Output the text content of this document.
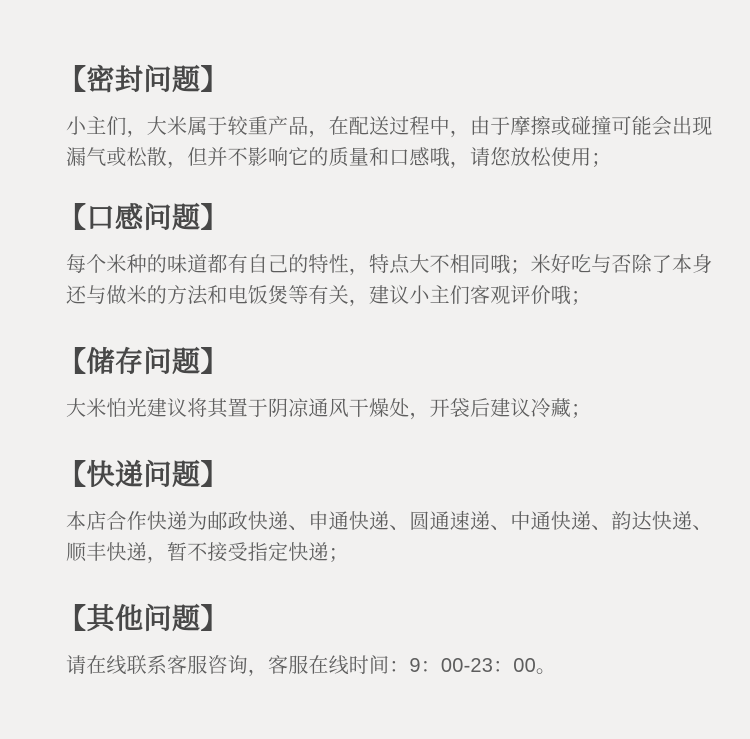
【密封问题】
小主们，大米属于较重产品，在配送过程中，由于摩擦或碰撞可能会出现
漏气或松散，但并不影响它的质量和口感哦，请您放松使用；
【口感问题】
每个米种的味道都有自己的特性，特点大不相同哦；米好吃与否除了本身
还与做米的方法和电饭煲等有关，建议小主们客观评价哦；
【储存问题】
大米怕光建议将其置于阴凉通风干燥处，开袋后建议冷藏；
【快递问题】
本店合作快递为邮政快递、申通快递、圆通速递、中通快递、韵达快递、
顺丰快递，暂不接受指定快递；
【其他问题】
请在线联系客服咨询，客服在线时间：9：00-23：00。
